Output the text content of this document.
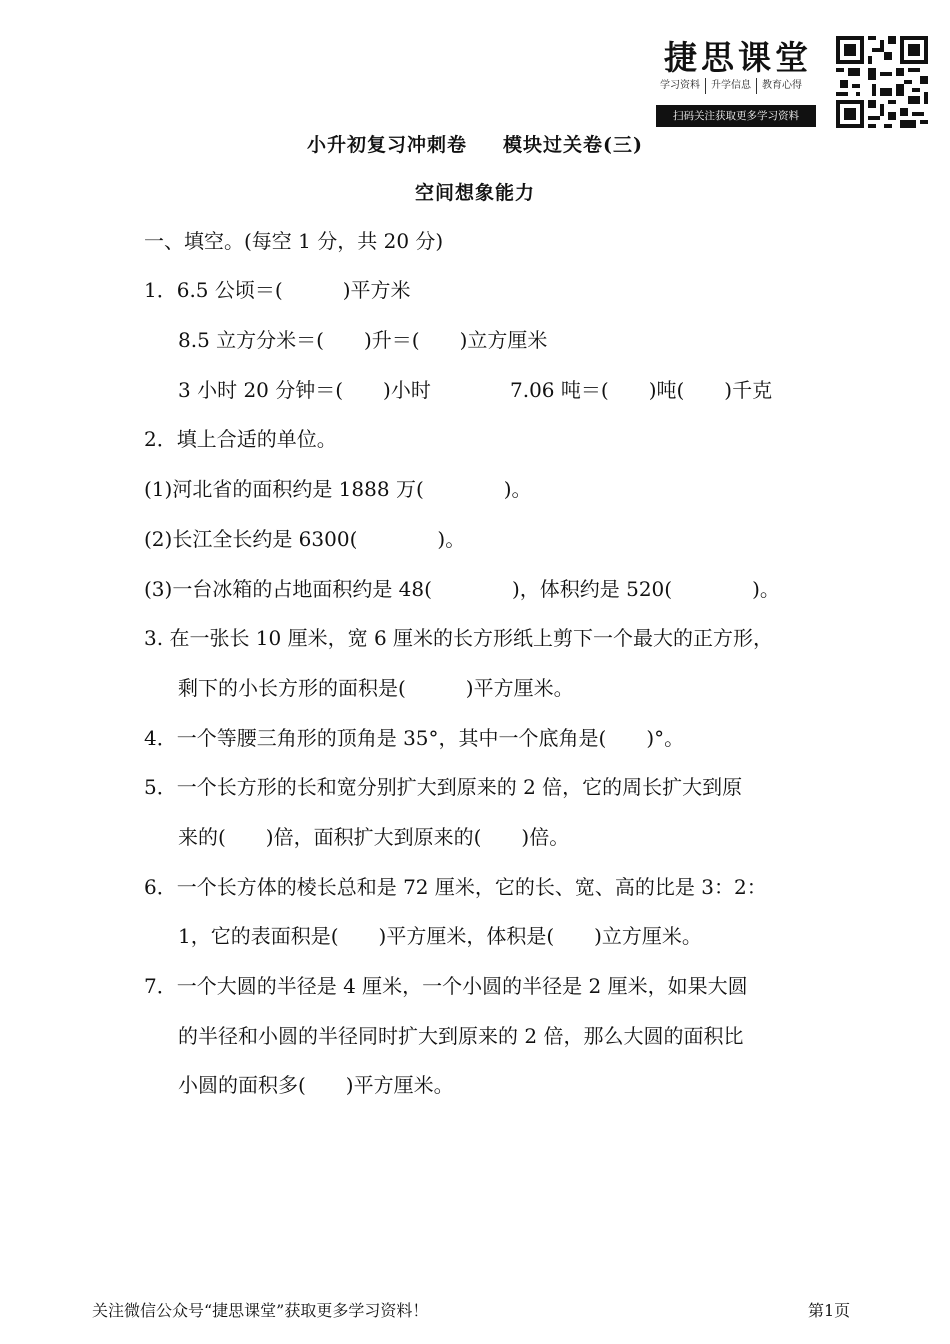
捷思课堂
学习资料	升学信息	教育心得
扫码关注获取更多学习资料
小升初复习冲刺卷 模块过关卷(三)
空间想象能力
一、填空。(每空 1 分，共 20 分)
1．6.5 公顷＝(　　　)平方米
8.5 立方分米＝(　　)升＝(　　)立方厘米
3 小时 20 分钟＝(　　)小时	7.06 吨＝(　　)吨(　　)千克
2．填上合适的单位。
(1)河北省的面积约是 1888 万(　　　　)。
(2)长江全长约是 6300(　　　　)。
(3)一台冰箱的占地面积约是 48(　　　　)，体积约是 520(　　　　)。
3. 在一张长 10 厘米，宽 6 厘米的长方形纸上剪下一个最大的正方形，
剩下的小长方形的面积是(　　　)平方厘米。
4．一个等腰三角形的顶角是 35°，其中一个底角是(　　)°。
5．一个长方形的长和宽分别扩大到原来的 2 倍，它的周长扩大到原
来的(　　)倍，面积扩大到原来的(　　)倍。
6．一个长方体的棱长总和是 72 厘米，它的长、宽、高的比是 3：2：
1，它的表面积是(　　)平方厘米，体积是(　　)立方厘米。
7．一个大圆的半径是 4 厘米，一个小圆的半径是 2 厘米，如果大圆
的半径和小圆的半径同时扩大到原来的 2 倍，那么大圆的面积比
小圆的面积多(　　)平方厘米。
关注微信公众号“捷思课堂”获取更多学习资料！	第1页
